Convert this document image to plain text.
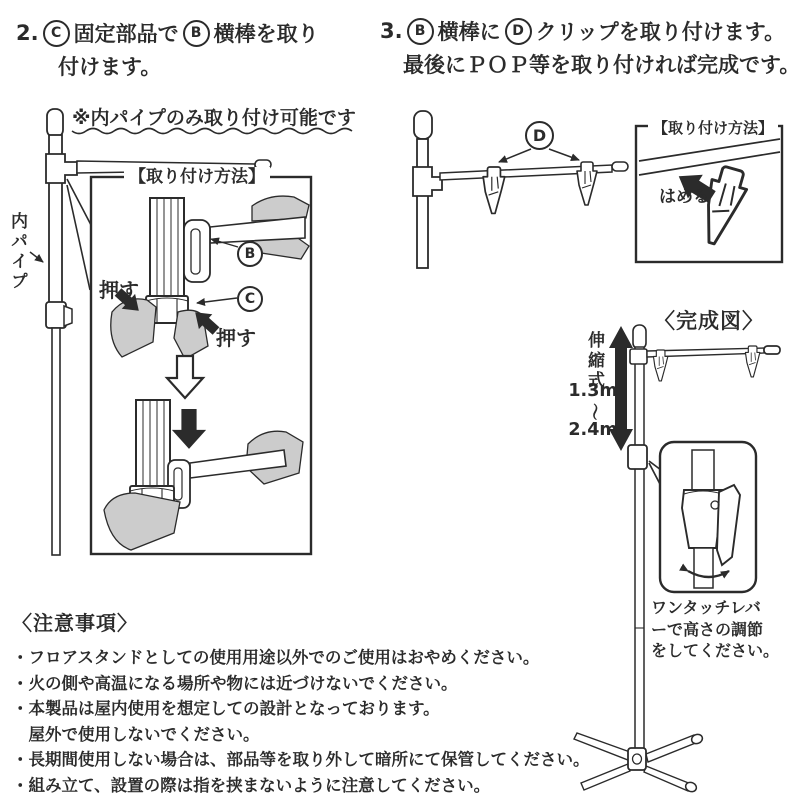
2. C 固定部品で B 横棒を取り
付けます。
3. B 横棒に D クリップを取り付けます。
最後にＰＯＰ等を取り付ければ完成です。
※内パイプのみ取り付け可能です
内パイプ
【取り付け方法】
押す
押す
B
C
D	【取り付け方法】
はめる
〈完成図〉
伸縮式
1.3m
～
2.4m
ワンタッチレバ
ーで高さの調節
をしてください。
〈注意事項〉
・フロアスタンドとしての使用用途以外でのご使用はおやめください。
・火の側や高温になる場所や物には近づけないでください。
・本製品は屋内使用を想定しての設計となっております。
　屋外で使用しないでください。
・長期間使用しない場合は、部品等を取り外して暗所にて保管してください。
・組み立て、設置の際は指を挟まないように注意してください。
